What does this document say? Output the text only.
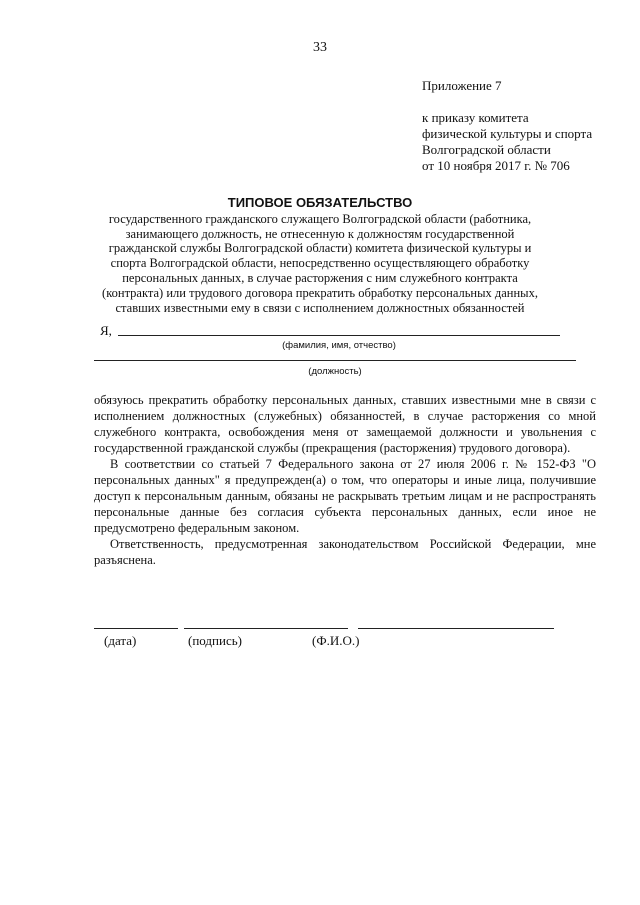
33
Приложение 7
к приказу комитета
физической культуры и спорта
Волгоградской области
от 10 ноября 2017 г. № 706
ТИПОВОЕ ОБЯЗАТЕЛЬСТВО
государственного гражданского служащего Волгоградской области (работника, занимающего должность, не отнесенную к должностям государственной гражданской службы Волгоградской области) комитета физической культуры и спорта Волгоградской области, непосредственно осуществляющего обработку персональных данных, в случае расторжения с ним служебного контракта (контракта) или трудового договора прекратить обработку персональных данных, ставших известными ему в связи с исполнением должностных обязанностей
Я,
(фамилия, имя, отчество)
(должность)

обязуюсь прекратить обработку персональных данных, ставших известными мне в связи с исполнением должностных (служебных) обязанностей, в случае расторжения со мной служебного контракта, освобождения меня от замещаемой должности и увольнения с государственной гражданской службы (прекращения (расторжения) трудового договора).

В соответствии со статьей 7 Федерального закона от 27 июля 2006 г. № 152-ФЗ "О персональных данных" я предупрежден(а) о том, что операторы и иные лица, получившие доступ к персональным данным, обязаны не раскрывать третьим лицам и не распространять персональные данные без согласия субъекта персональных данных, если иное не предусмотрено федеральным законом.

Ответственность, предусмотренная законодательством Российской Федерации, мне разъяснена.

(дата)	(подпись)	(Ф.И.О.)
